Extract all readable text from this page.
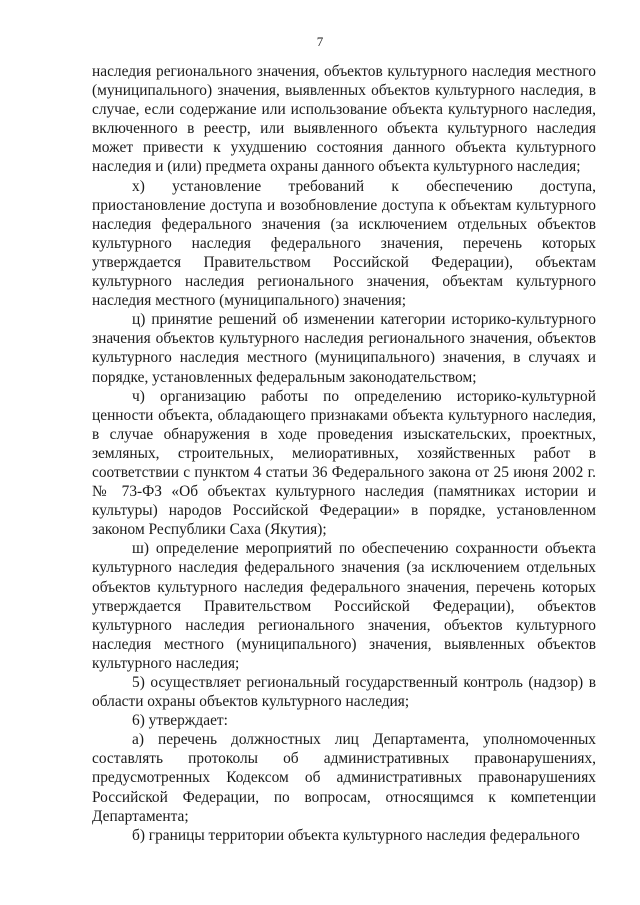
7

наследия регионального значения, объектов культурного наследия местного (муниципального) значения, выявленных объектов культурного наследия, в случае, если содержание или использование объекта культурного наследия, включенного в реестр, или выявленного объекта культурного наследия может привести к ухудшению состояния данного объекта культурного наследия и (или) предмета охраны данного объекта культурного наследия;

х) установление требований к обеспечению доступа, приостановление доступа и возобновление доступа к объектам культурного наследия федерального значения (за исключением отдельных объектов культурного наследия федерального значения, перечень которых утверждается Правительством Российской Федерации), объектам культурного наследия регионального значения, объектам культурного наследия местного (муниципального) значения;

ц) принятие решений об изменении категории историко-культурного значения объектов культурного наследия регионального значения, объектов культурного наследия местного (муниципального) значения, в случаях и порядке, установленных федеральным законодательством;

ч) организацию работы по определению историко-культурной ценности объекта, обладающего признаками объекта культурного наследия, в случае обнаружения в ходе проведения изыскательских, проектных, земляных, строительных, мелиоративных, хозяйственных работ в соответствии с пунктом 4 статьи 36 Федерального закона от 25 июня 2002 г. № 73-ФЗ «Об объектах культурного наследия (памятниках истории и культуры) народов Российской Федерации» в порядке, установленном законом Республики Саха (Якутия);

ш) определение мероприятий по обеспечению сохранности объекта культурного наследия федерального значения (за исключением отдельных объектов культурного наследия федерального значения, перечень которых утверждается Правительством Российской Федерации), объектов культурного наследия регионального значения, объектов культурного наследия местного (муниципального) значения, выявленных объектов культурного наследия;

5) осуществляет региональный государственный контроль (надзор) в области охраны объектов культурного наследия;

6) утверждает:

а) перечень должностных лиц Департамента, уполномоченных составлять протоколы об административных правонарушениях, предусмотренных Кодексом об административных правонарушениях Российской Федерации, по вопросам, относящимся к компетенции Департамента;

б) границы территории объекта культурного наследия федерального
